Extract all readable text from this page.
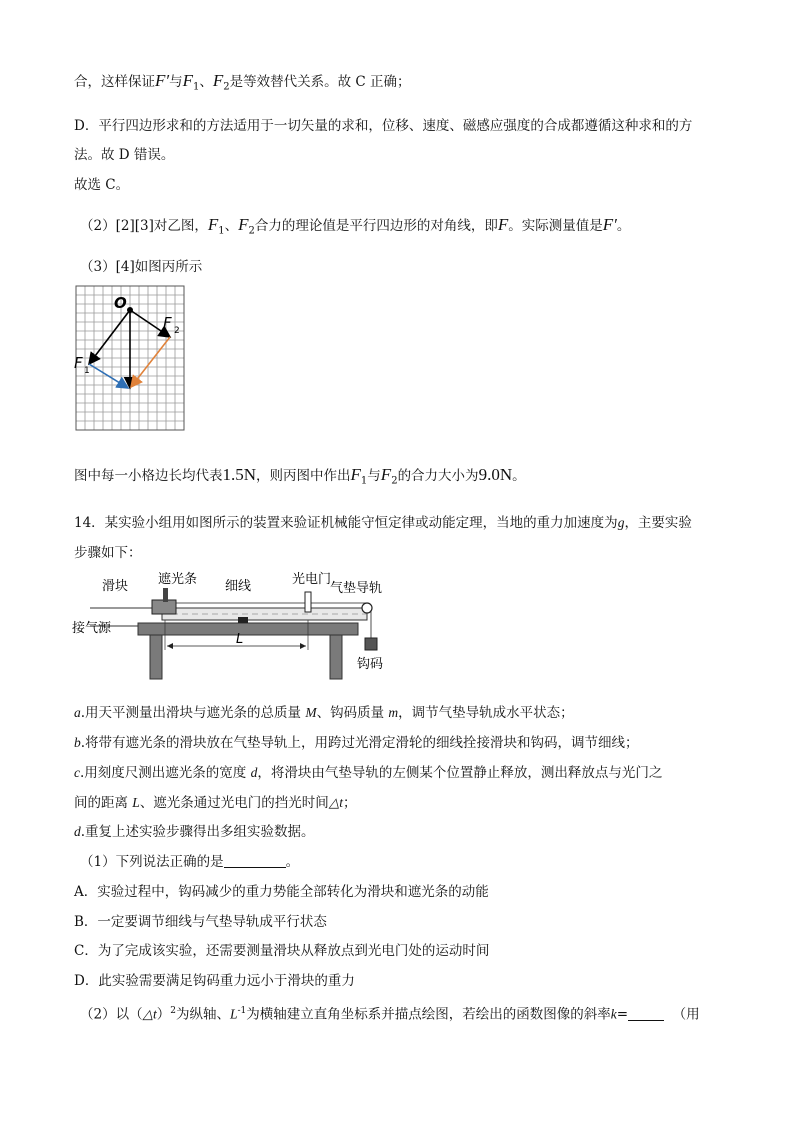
合，这样保证F′与$F_1$、$F_2$是等效替代关系。故 C 正确；
D．平行四边形求和的方法适用于一切矢量的求和，位移、速度、磁感应强度的合成都遵循这种求和的方
法。故 D 错误。
故选 C。
（2）[2][3]对乙图，$F_1$、$F_2$合力的理论值是平行四边形的对角线，即F。实际测量值是F′。
（3）[4]如图丙所示
O
F 1
F 2
图中每一小格边长均代表1.5N，则丙图中作出$F_1$与$F_2$的合力大小为9.0N。
14．某实验小组用如图所示的装置来验证机械能守恒定律或动能定理，当地的重力加速度为g，主要实验
步骤如下：
滑块 遮光条 细线	光电门
气垫导轨
接气源
L
钩码
a.用天平测量出滑块与遮光条的总质量 M、钩码质量 m，调节气垫导轨成水平状态；
b.将带有遮光条的滑块放在气垫导轨上，用跨过光滑定滑轮的细线拴接滑块和钩码，调节细线；
c.用刻度尺测出遮光条的宽度 d，将滑块由气垫导轨的左侧某个位置静止释放，测出释放点与光门之
间的距离 L、遮光条通过光电门的挡光时间△t；
d.重复上述实验步骤得出多组实验数据。
（1）下列说法正确的是	。
A．实验过程中，钩码减少的重力势能全部转化为滑块和遮光条的动能
B．一定要调节细线与气垫导轨成平行状态
C．为了完成该实验，还需要测量滑块从释放点到光电门处的运动时间
D．此实验需要满足钩码重力远小于滑块的重力
（2）以（△t）$^2$为纵轴、$L^{-1}$为横轴建立直角坐标系并描点绘图，若绘出的函数图像的斜率k=	（用
